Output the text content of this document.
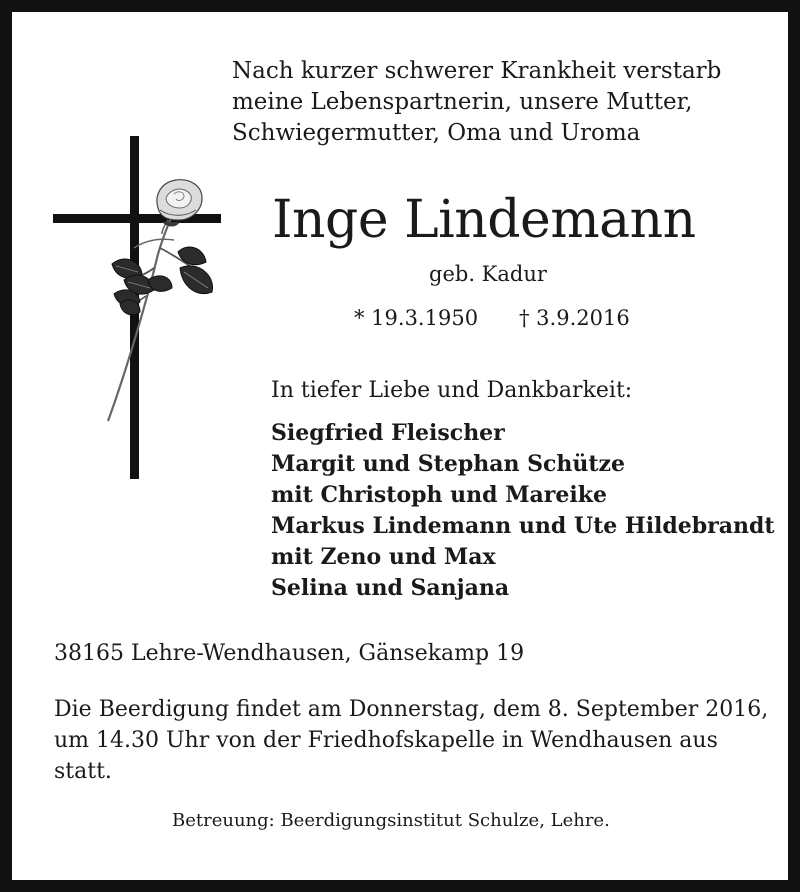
Nach kurzer schwerer Krankheit verstarb
meine Lebenspartnerin, unsere Mutter,
Schwiegermutter, Oma und Uroma
Inge Lindemann
geb. Kadur
* 19.3.1950 † 3.9.2016
In tiefer Liebe und Dankbarkeit:
Siegfried Fleischer
Margit und Stephan Schütze
mit Christoph und Mareike
Markus Lindemann und Ute Hildebrandt
mit Zeno und Max
Selina und Sanjana
38165 Lehre-Wendhausen, Gänsekamp 19
Die Beerdigung findet am Donnerstag, dem 8. September 2016,
um 14.30 Uhr von der Friedhofskapelle in Wendhausen aus
statt.
Betreuung: Beerdigungsinstitut Schulze, Lehre.
